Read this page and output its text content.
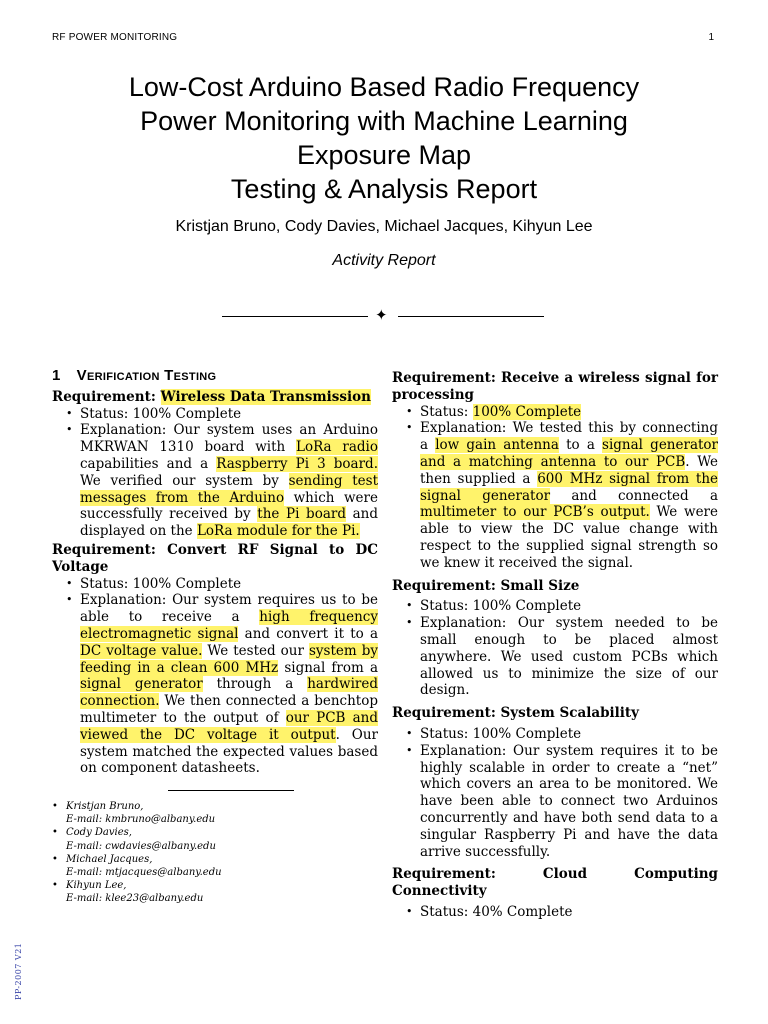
RF POWER MONITORING	1
Low-Cost Arduino Based Radio Frequency
Power Monitoring with Machine Learning
Exposure Map
Testing & Analysis Report
Kristjan Bruno, Cody Davies, Michael Jacques, Kihyun Lee
Activity Report
✦
1 Verification Testing

Requirement: Wireless Data Transmission

• Status: 100% Complete
• Explanation: Our system uses an Arduino MKRWAN 1310 board with LoRa radio capabilities and a Raspberry Pi 3 board. We verified our system by sending test messages from the Arduino which were successfully received by the Pi board and displayed on the LoRa module for the Pi.

Requirement: Convert RF Signal to DC Voltage

• Status: 100% Complete
• Explanation: Our system requires us to be able to receive a high frequency electromagnetic signal and convert it to a DC voltage value. We tested our system by feeding in a clean 600 MHz signal from a signal generator through a hardwired connection. We then connected a benchtop multimeter to the output of our PCB and viewed the DC voltage it output. Our system matched the expected values based on component datasheets.

Requirement: Receive a wireless signal for processing

• Status: 100% Complete
• Explanation: We tested this by connecting a low gain antenna to a signal generator and a matching antenna to our PCB. We then supplied a 600 MHz signal from the signal generator and connected a multimeter to our PCB’s output. We were able to view the DC value change with respect to the supplied signal strength so we knew it received the signal.

Requirement: Small Size

• Status: 100% Complete
• Explanation: Our system needed to be small enough to be placed almost anywhere. We used custom PCBs which allowed us to minimize the size of our design.

Requirement: System Scalability

• Status: 100% Complete
• Explanation: Our system requires it to be highly scalable in order to create a “net” which covers an area to be monitored. We have been able to connect two Arduinos concurrently and have both send data to a singular Raspberry Pi and have the data arrive successfully.

Requirement: Cloud Computing Connectivity

• Status: 40% Complete
• Kristjan Bruno,
E-mail: kmbruno@albany.edu
• Cody Davies,
E-mail: cwdavies@albany.edu
• Michael Jacques,
E-mail: mtjacques@albany.edu
• Kihyun Lee,
E-mail: klee23@albany.edu
PP-2007 V21
